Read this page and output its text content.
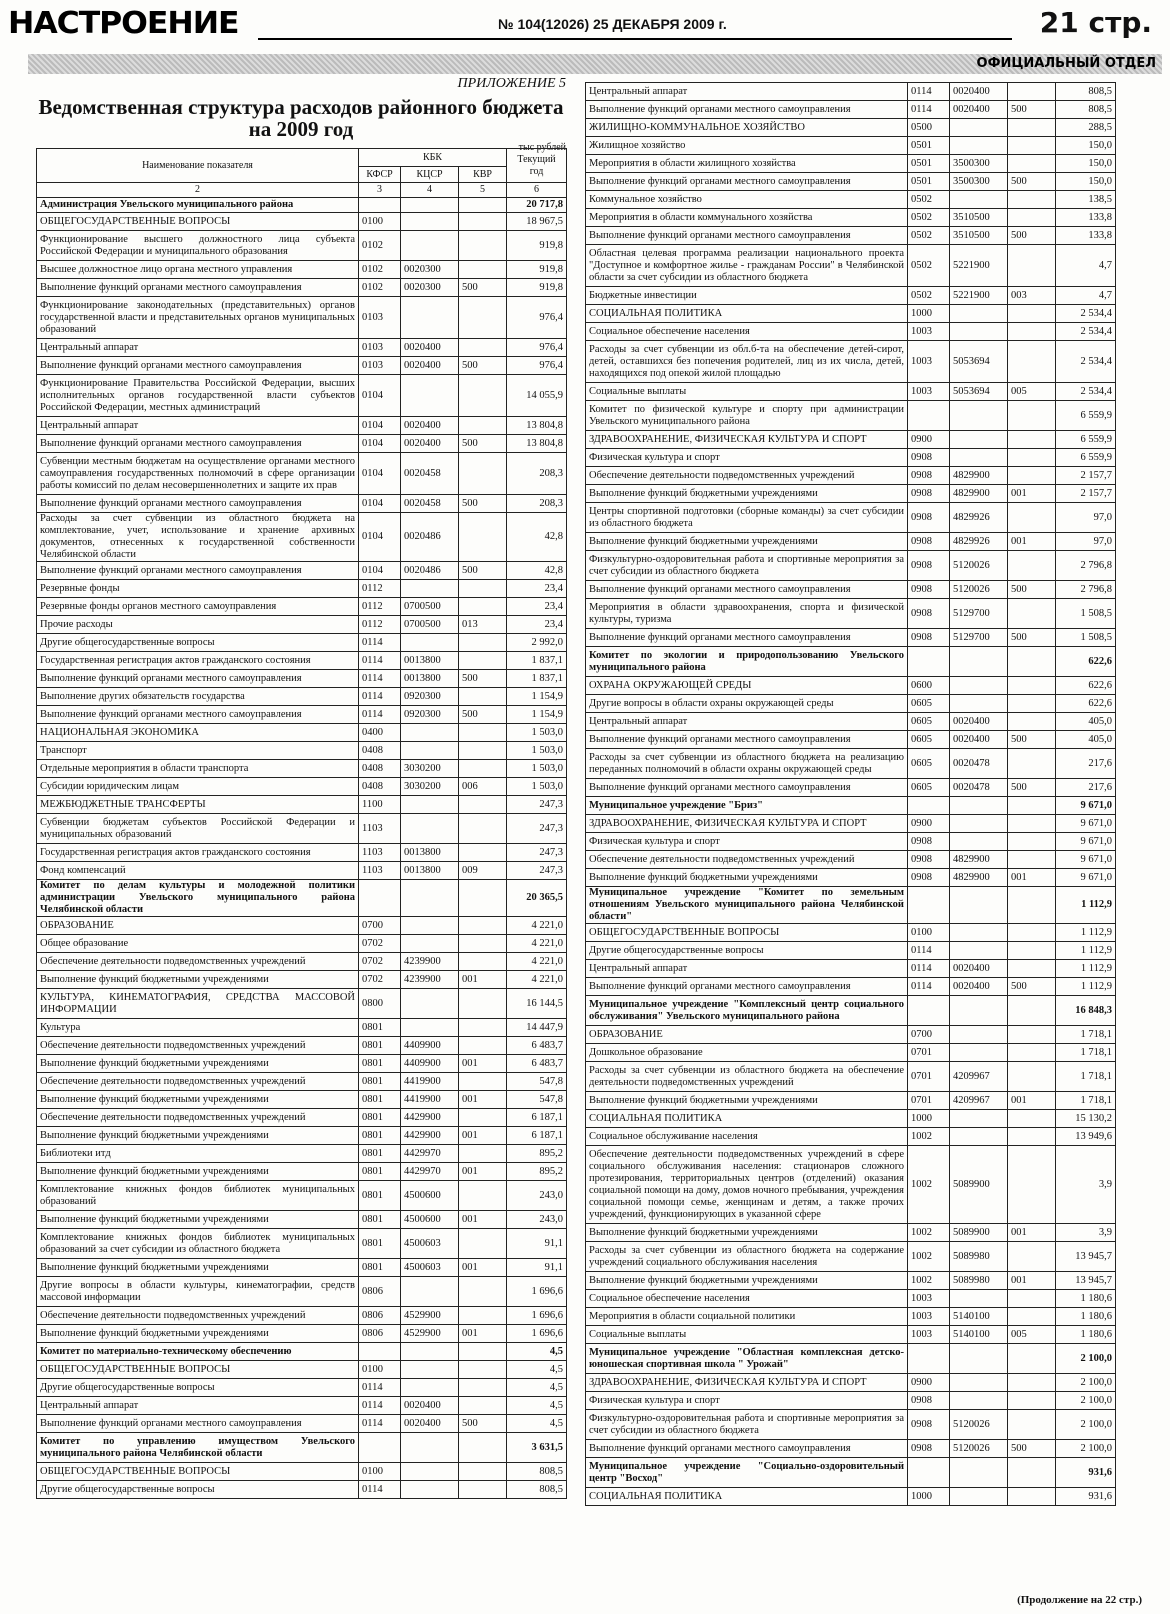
НАСТРОЕНИЕ	№ 104(12026) 25 ДЕКАБРЯ 2009 г.	21 стр.
ОФИЦИАЛЬНЫЙ ОТДЕЛ
ПРИЛОЖЕНИЕ 5
Ведомственная структура расходов районного бюджета
на 2009 год
тыс рублей
Наименование показателя	КБК			Текущий год
	КФСР	КЦСР	КВР	
2	3	4	5	6
Администрация Увельского муниципального района				20 717,8
ОБЩЕГОСУДАРСТВЕННЫЕ ВОПРОСЫ	0100			18 967,5
Функционирование высшего должностного лица субъекта Российской Федерации и муниципального образования	0102			919,8
Высшее должностное лицо органа местного управления	0102	0020300		919,8
Выполнение функций органами местного самоуправления	0102	0020300	500	919,8
Функционирование законодательных (представительных) органов государственной власти и представительных органов муниципальных образований	0103			976,4
Центральный аппарат	0103	0020400		976,4
Выполнение функций органами местного самоуправления	0103	0020400	500	976,4
Функционирование Правительства Российской Федерации, высших исполнительных органов государственной власти субъектов Российской Федерации, местных администраций	0104			14 055,9
Центральный аппарат	0104	0020400		13 804,8
Выполнение функций органами местного самоуправления	0104	0020400	500	13 804,8
Субвенции местным бюджетам на осуществление органами местного самоуправления государственных полномочий в сфере организации работы комиссий по делам несовершеннолетних и защите их прав	0104	0020458		208,3
Выполнение функций органами местного самоуправления	0104	0020458	500	208,3
Расходы за счет субвенции из областного бюджета на комплектование, учет, использование и хранение архивных документов, отнесенных к государственной собственности Челябинской области	0104	0020486		42,8
Выполнение функций органами местного самоуправления	0104	0020486	500	42,8
Резервные фонды	0112			23,4
Резервные фонды органов местного самоуправления	0112	0700500		23,4
Прочие расходы	0112	0700500	013	23,4
Другие общегосударственные вопросы	0114			2 992,0
Государственная регистрация актов гражданского состояния	0114	0013800		1 837,1
Выполнение функций органами местного самоуправления	0114	0013800	500	1 837,1
Выполнение других обязательств государства	0114	0920300		1 154,9
Выполнение функций органами местного самоуправления	0114	0920300	500	1 154,9
НАЦИОНАЛЬНАЯ ЭКОНОМИКА	0400			1 503,0
Транспорт	0408			1 503,0
Отдельные мероприятия в области транспорта	0408	3030200		1 503,0
Субсидии юридическим лицам	0408	3030200	006	1 503,0
МЕЖБЮДЖЕТНЫЕ ТРАНСФЕРТЫ	1100			247,3
Субвенции бюджетам субъектов Российской Федерации и муниципальных образований	1103			247,3
Государственная регистрация актов гражданского состояния	1103	0013800		247,3
Фонд компенсаций	1103	0013800	009	247,3
Комитет по делам культуры и молодежной политики администрации Увельского муниципального района Челябинской области				20 365,5
ОБРАЗОВАНИЕ	0700			4 221,0
Общее образование	0702			4 221,0
Обеспечение деятельности подведомственных учреждений	0702	4239900		4 221,0
Выполнение функций бюджетными учреждениями	0702	4239900	001	4 221,0
КУЛЬТУРА, КИНЕМАТОГРАФИЯ, СРЕДСТВА МАССОВОЙ ИНФОРМАЦИИ	0800			16 144,5
Культура	0801			14 447,9
Обеспечение деятельности подведомственных учреждений	0801	4409900		6 483,7
Выполнение функций бюджетными учреждениями	0801	4409900	001	6 483,7
Обеспечение деятельности подведомственных учреждений	0801	4419900		547,8
Выполнение функций бюджетными учреждениями	0801	4419900	001	547,8
Обеспечение деятельности подведомственных учреждений	0801	4429900		6 187,1
Выполнение функций бюджетными учреждениями	0801	4429900	001	6 187,1
Библиотеки итд	0801	4429970		895,2
Выполнение функций бюджетными учреждениями	0801	4429970	001	895,2
Комплектование книжных фондов библиотек муниципальных образований	0801	4500600		243,0
Выполнение функций бюджетными учреждениями	0801	4500600	001	243,0
Комплектование книжных фондов библиотек муниципальных образований за счет субсидии из областного бюджета	0801	4500603		91,1
Выполнение функций бюджетными учреждениями	0801	4500603	001	91,1
Другие вопросы в области культуры, кинематографии, средств массовой информации	0806			1 696,6
Обеспечение деятельности подведомственных учреждений	0806	4529900		1 696,6
Выполнение функций бюджетными учреждениями	0806	4529900	001	1 696,6
Комитет по материально-техническому обеспечению				4,5
ОБЩЕГОСУДАРСТВЕННЫЕ ВОПРОСЫ	0100			4,5
Другие общегосударственные вопросы	0114			4,5
Центральный аппарат	0114	0020400		4,5
Выполнение функций органами местного самоуправления	0114	0020400	500	4,5
Комитет по управлению имуществом Увельского муниципального района Челябинской области				3 631,5
ОБЩЕГОСУДАРСТВЕННЫЕ ВОПРОСЫ	0100			808,5
Другие общегосударственные вопросы	0114			808,5
Центральный аппарат	0114	0020400		808,5
Выполнение функций органами местного самоуправления	0114	0020400	500	808,5
ЖИЛИЩНО-КОММУНАЛЬНОЕ ХОЗЯЙСТВО	0500			288,5
Жилищное хозяйство	0501			150,0
Мероприятия в области жилищного хозяйства	0501	3500300		150,0
Выполнение функций органами местного самоуправления	0501	3500300	500	150,0
Коммунальное хозяйство	0502			138,5
Мероприятия в области коммунального хозяйства	0502	3510500		133,8
Выполнение функций органами местного самоуправления	0502	3510500	500	133,8
Областная целевая программа реализации национального проекта "Доступное и комфортное жилье - гражданам России" в Челябинской области за счет субсидии из областного бюджета	0502	5221900		4,7
Бюджетные инвестиции	0502	5221900	003	4,7
СОЦИАЛЬНАЯ ПОЛИТИКА	1000			2 534,4
Социальное обеспечение населения	1003			2 534,4
Расходы за счет субвенции из обл.б-та на обеспечение детей-сирот, детей, оставшихся без попечения родителей, лиц из их числа, детей, находящихся под опекой жилой площадью	1003	5053694		2 534,4
Социальные выплаты	1003	5053694	005	2 534,4
Комитет по физической культуре и спорту при администрации Увельского муниципального района				6 559,9
ЗДРАВООХРАНЕНИЕ, ФИЗИЧЕСКАЯ КУЛЬТУРА И СПОРТ	0900			6 559,9
Физическая культура и спорт	0908			6 559,9
Обеспечение деятельности подведомственных учреждений	0908	4829900		2 157,7
Выполнение функций бюджетными учреждениями	0908	4829900	001	2 157,7
Центры спортивной подготовки (сборные команды) за счет субсидии из областного бюджета	0908	4829926		97,0
Выполнение функций бюджетными учреждениями	0908	4829926	001	97,0
Физкультурно-оздоровительная работа и спортивные мероприятия за счет субсидии из областного бюджета	0908	5120026		2 796,8
Выполнение функций органами местного самоуправления	0908	5120026	500	2 796,8
Мероприятия в области здравоохранения, спорта и физической культуры, туризма	0908	5129700		1 508,5
Выполнение функций органами местного самоуправления	0908	5129700	500	1 508,5
Комитет по экологии и природопользованию Увельского муниципального района				622,6
ОХРАНА ОКРУЖАЮЩЕЙ СРЕДЫ	0600			622,6
Другие вопросы в области охраны окружающей среды	0605			622,6
Центральный аппарат	0605	0020400		405,0
Выполнение функций органами местного самоуправления	0605	0020400	500	405,0
Расходы за счет субвенции из областного бюджета на реализацию переданных полномочий в области охраны окружающей среды	0605	0020478		217,6
Выполнение функций органами местного самоуправления	0605	0020478	500	217,6
Муниципальное учреждение "Бриз"				9 671,0
ЗДРАВООХРАНЕНИЕ, ФИЗИЧЕСКАЯ КУЛЬТУРА И СПОРТ	0900			9 671,0
Физическая культура и спорт	0908			9 671,0
Обеспечение деятельности подведомственных учреждений	0908	4829900		9 671,0
Выполнение функций бюджетными учреждениями	0908	4829900	001	9 671,0
Муниципальное учреждение "Комитет по земельным отношениям Увельского муниципального района Челябинской области"				1 112,9
ОБЩЕГОСУДАРСТВЕННЫЕ ВОПРОСЫ	0100			1 112,9
Другие общегосударственные вопросы	0114			1 112,9
Центральный аппарат	0114	0020400		1 112,9
Выполнение функций органами местного самоуправления	0114	0020400	500	1 112,9
Муниципальное учреждение "Комплексный центр социального обслуживания" Увельского муниципального района				16 848,3
ОБРАЗОВАНИЕ	0700			1 718,1
Дошкольное образование	0701			1 718,1
Расходы за счет субвенции из областного бюджета на обеспечение деятельности подведомственных учреждений	0701	4209967		1 718,1
Выполнение функций бюджетными учреждениями	0701	4209967	001	1 718,1
СОЦИАЛЬНАЯ ПОЛИТИКА	1000			15 130,2
Социальное обслуживание населения	1002			13 949,6
Обеспечение деятельности подведомственных учреждений в сфере социального обслуживания населения: стационаров сложного протезирования, территориальных центров (отделений) оказания социальной помощи на дому, домов ночного пребывания, учреждения социальной помощи семье, женщинам и детям, а также прочих учреждений, функционирующих в указанной сфере	1002	5089900		3,9
Выполнение функций бюджетными учреждениями	1002	5089900	001	3,9
Расходы за счет субвенции из областного бюджета на содержание учреждений социального обслуживания населения	1002	5089980		13 945,7
Выполнение функций бюджетными учреждениями	1002	5089980	001	13 945,7
Социальное обеспечение населения	1003			1 180,6
Мероприятия в области социальной политики	1003	5140100		1 180,6
Социальные выплаты	1003	5140100	005	1 180,6
Муниципальное учреждение "Областная комплексная детско-юношеская спортивная школа " Урожай"				2 100,0
ЗДРАВООХРАНЕНИЕ, ФИЗИЧЕСКАЯ КУЛЬТУРА И СПОРТ	0900			2 100,0
Физическая культура и спорт	0908			2 100,0
Физкультурно-оздоровительная работа и спортивные мероприятия за счет субсидии из областного бюджета	0908	5120026		2 100,0
Выполнение функций органами местного самоуправления	0908	5120026	500	2 100,0
Муниципальное учреждение "Социально-оздоровительный центр "Восход"				931,6
СОЦИАЛЬНАЯ ПОЛИТИКА	1000			931,6
(Продолжение на 22 стр.)
